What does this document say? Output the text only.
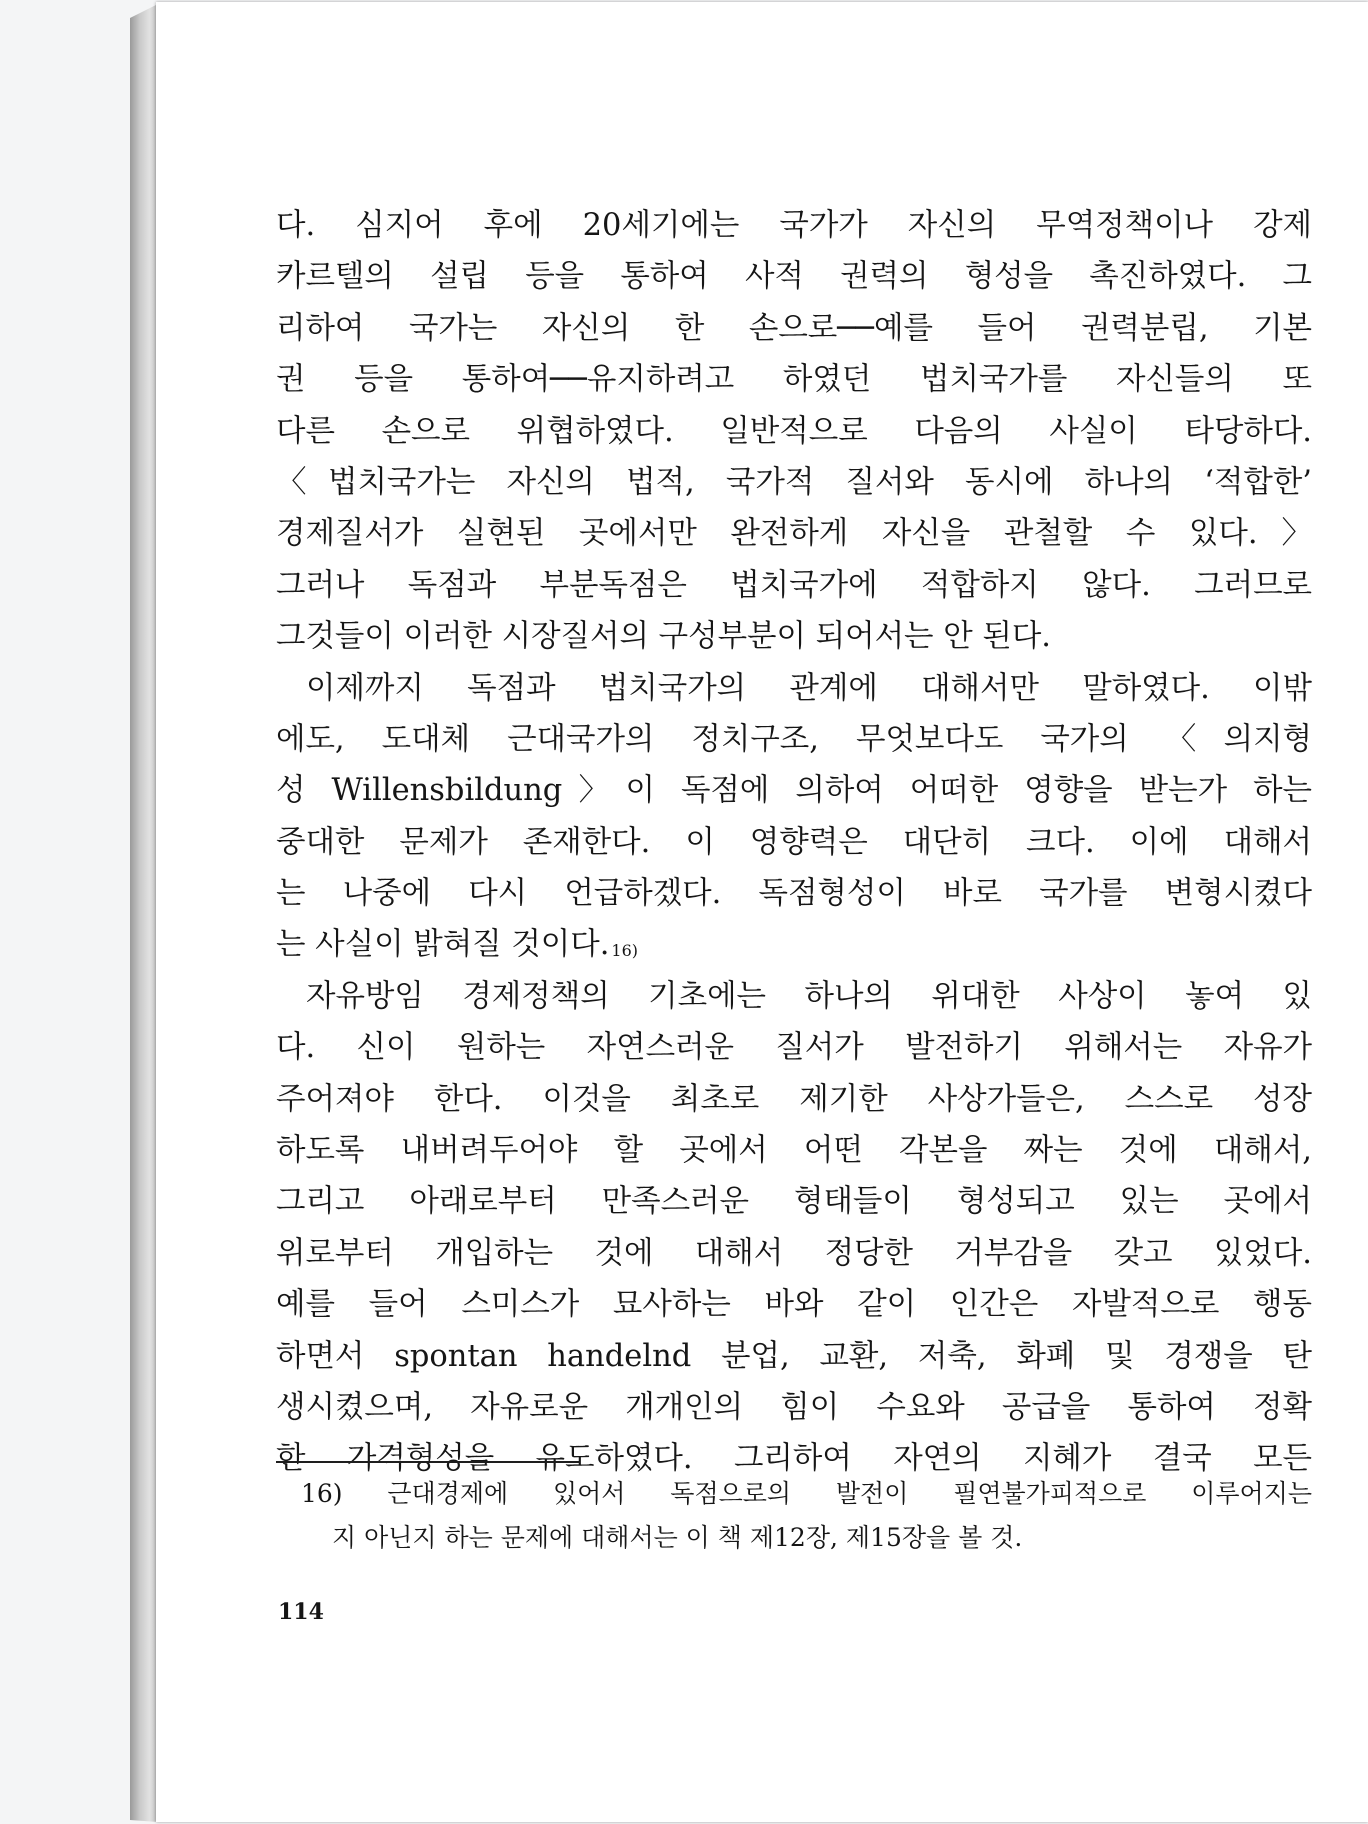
다. 심지어 후에 20세기에는 국가가 자신의 무역정책이나 강제
카르텔의 설립 등을 통하여 사적 권력의 형성을 촉진하였다. 그
리하여 국가는 자신의 한 손으로──예를 들어 권력분립, 기본
권 등을 통하여──유지하려고 하였던 법치국가를 자신들의 또
다른 손으로 위협하였다. 일반적으로 다음의 사실이 타당하다.
〈법치국가는 자신의 법적, 국가적 질서와 동시에 하나의 ‘적합한’
경제질서가 실현된 곳에서만 완전하게 자신을 관철할 수 있다.〉
그러나 독점과 부분독점은 법치국가에 적합하지 않다. 그러므로
그것들이 이러한 시장질서의 구성부분이 되어서는 안 된다.
이제까지 독점과 법치국가의 관계에 대해서만 말하였다. 이밖
에도, 도대체 근대국가의 정치구조, 무엇보다도 국가의 〈의지형
성 Willensbildung〉이 독점에 의하여 어떠한 영향을 받는가 하는
중대한 문제가 존재한다. 이 영향력은 대단히 크다. 이에 대해서
는 나중에 다시 언급하겠다. 독점형성이 바로 국가를 변형시켰다
는 사실이 밝혀질 것이다. $^{16)}$
자유방임 경제정책의 기초에는 하나의 위대한 사상이 놓여 있
다. 신이 원하는 자연스러운 질서가 발전하기 위해서는 자유가
주어져야 한다. 이것을 최초로 제기한 사상가들은, 스스로 성장
하도록 내버려두어야 할 곳에서 어떤 각본을 짜는 것에 대해서,
그리고 아래로부터 만족스러운 형태들이 형성되고 있는 곳에서
위로부터 개입하는 것에 대해서 정당한 거부감을 갖고 있었다.
예를 들어 스미스가 묘사하는 바와 같이 인간은 자발적으로 행동
하면서 spontan handelnd 분업, 교환, 저축, 화폐 및 경쟁을 탄
생시켰으며, 자유로운 개개인의 힘이 수요와 공급을 통하여 정확
한 가격형성을 유도하였다. 그리하여 자연의 지혜가 결국 모든
16) 근대경제에 있어서 독점으로의 발전이 필연불가피적으로 이루어지는
지 아닌지 하는 문제에 대해서는 이 책 제12장, 제15장을 볼 것.
114
